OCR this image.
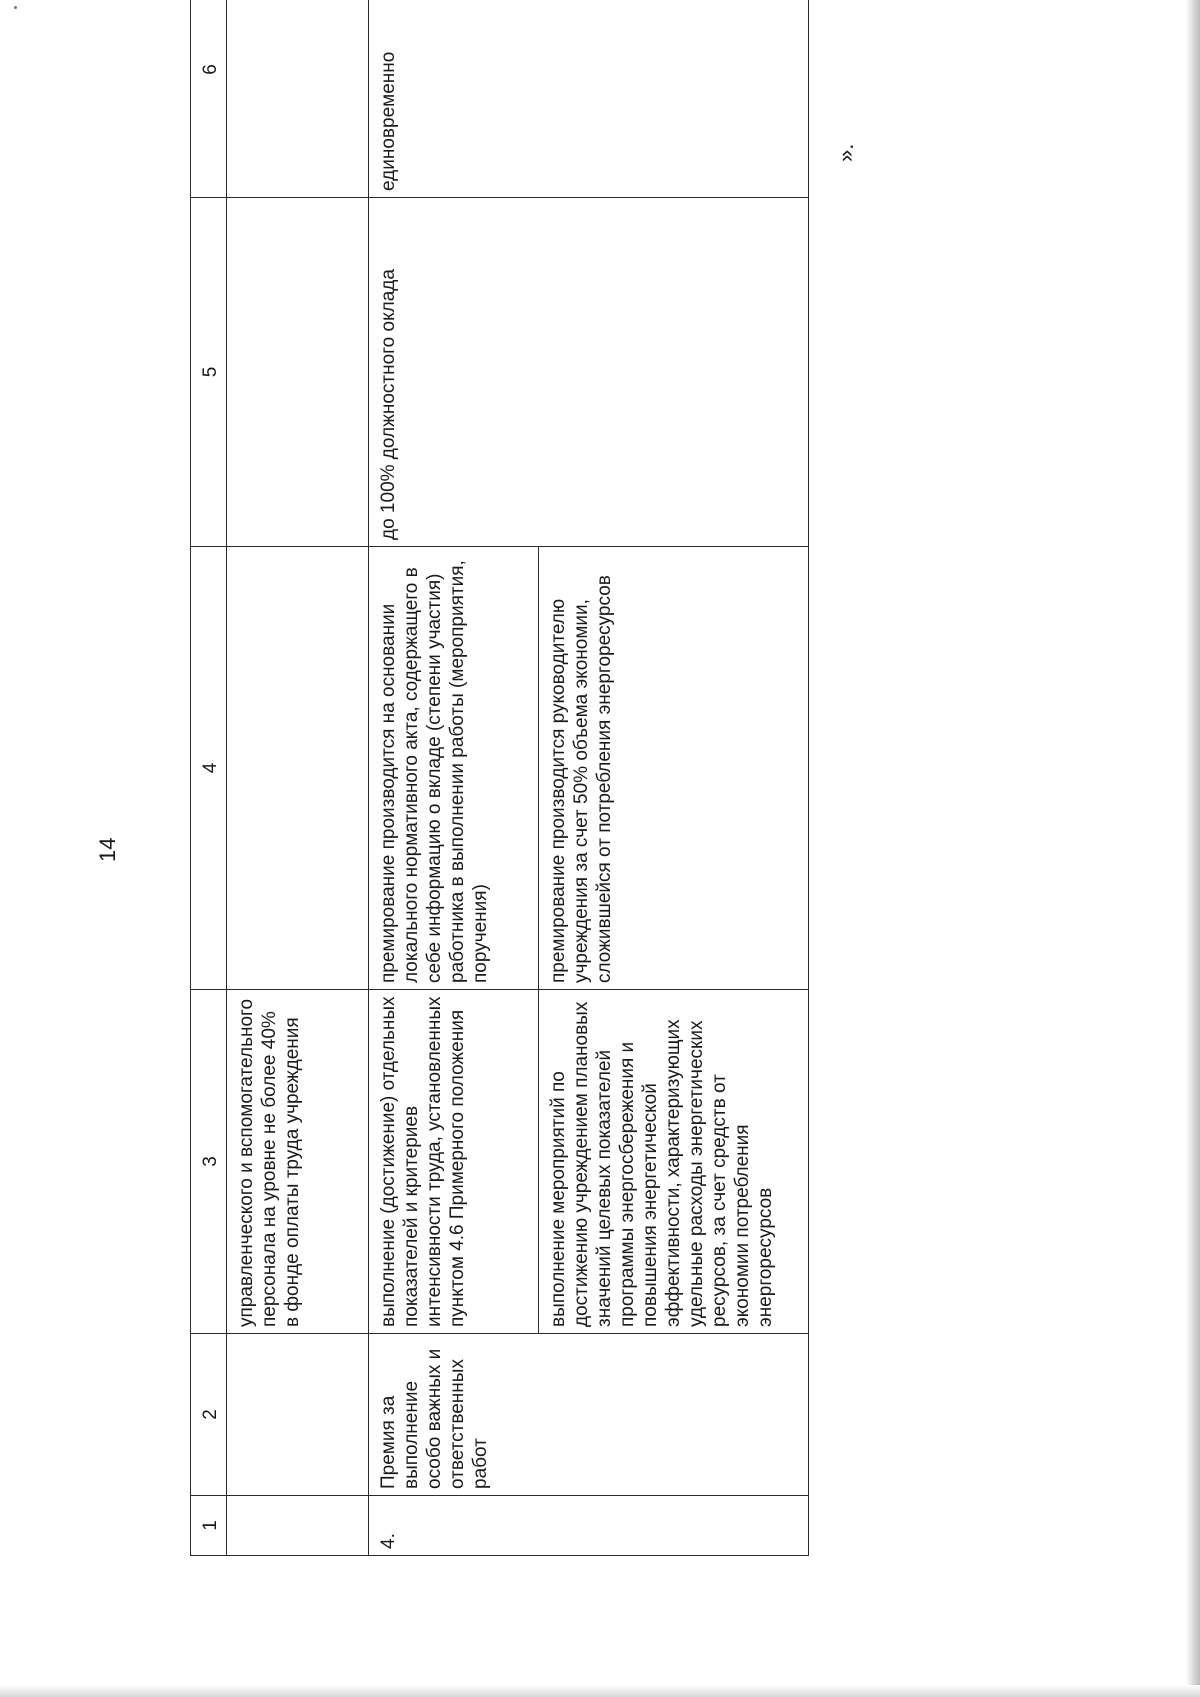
14
1	2	3	4	5	6
		управленческого и вспомогательного персонала на уровне не более 40% в фонде оплаты труда учреждения			
4.	Премия за выполнение особо важных и ответственных работ	выполнение (достижение) отдельных показателей и критериев интенсивности труда, установленных пунктом 4.6 Примерного положения	премирование производится на основании локального нормативного акта, содержащего в себе информацию о вкладе (степени участия) работника в выполнении работы (мероприятия, поручения)	до 100% должностного оклада	единовременно
		выполнение мероприятий по достижению учреждением плановых значений целевых показателей программы энергосбережения и повышения энергетической эффективности, характеризующих удельные расходы энергетических ресурсов, за счет средств от экономии потребления энергоресурсов	премирование производится руководителю учреждения за счет 50% объема экономии, сложившейся от потребления энергоресурсов		
».
